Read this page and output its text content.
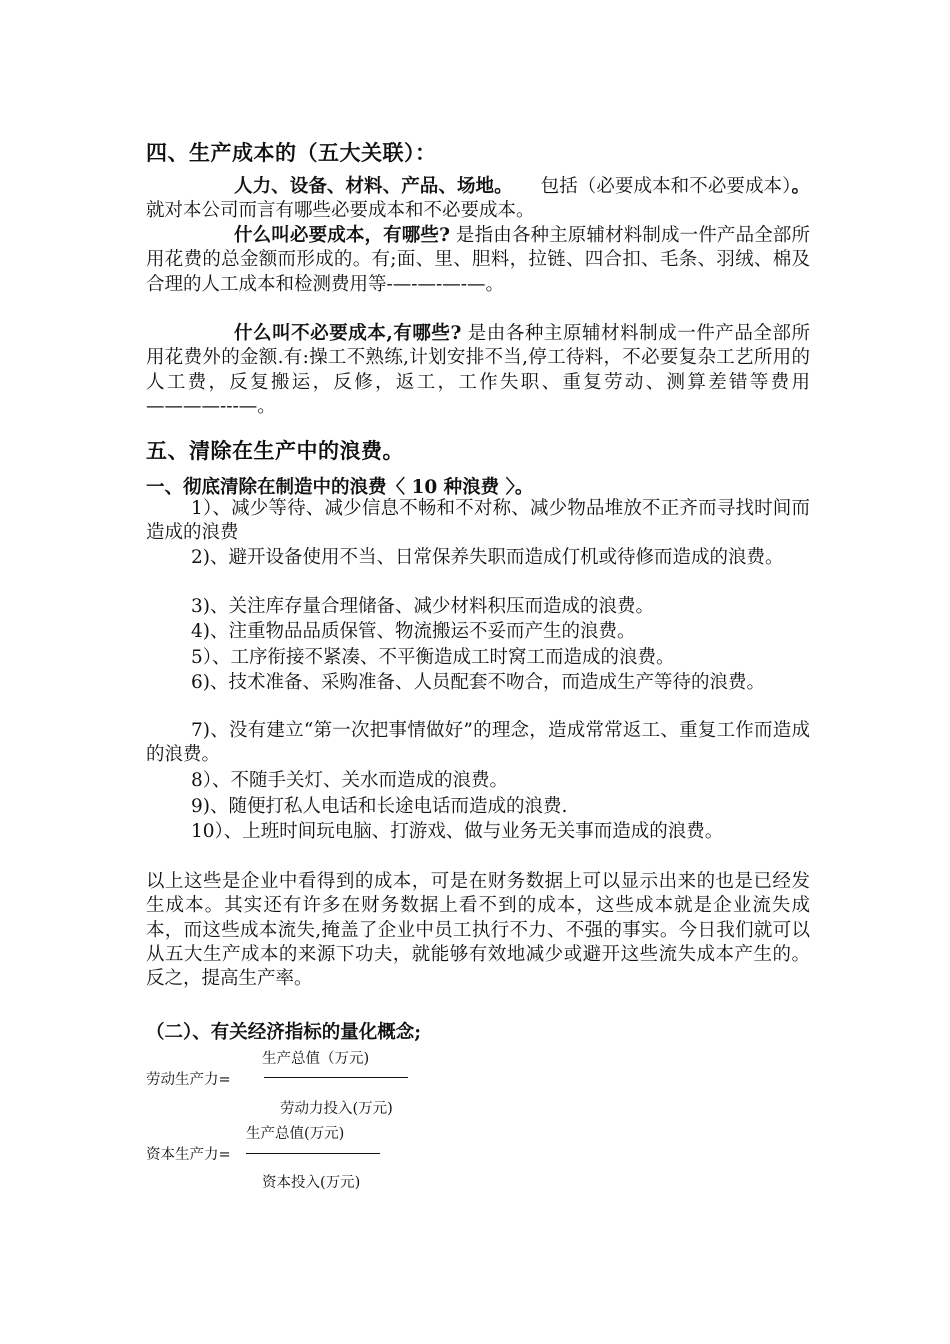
四、生产成本的（五大关联）：
人力、设备、材料、产品、场地。　　 包括（必要成本和不必要成本）。就对本公司而言有哪些必要成本和不必要成本。
什么叫必要成本，有哪些? 是指由各种主原辅材料制成一件产品全部所用花费的总金额而形成的。有;面、里、胆料，拉链、四合扣、毛条、羽绒、棉及合理的人工成本和检测费用等-—-—-—-—。
什么叫不必要成本,有哪些? 是由各种主原辅材料制成一件产品全部所用花费外的金额.有:操工不熟练,计划安排不当,停工待料，不必要复杂工艺所用的人工费，反复搬运，反修，返工，工作失职、重复劳动、测算差错等费用————---—。
五、清除在生产中的浪费。
一、彻底清除在制造中的浪费〈 10 种浪费 〉。
1）、减少等待、减少信息不畅和不对称、减少物品堆放不正齐而寻找时间而造成的浪费
2)、避开设备使用不当、日常保养失职而造成仃机或待修而造成的浪费。
3)、关注库存量合理储备、减少材料积压而造成的浪费。
4)、注重物品品质保管、物流搬运不妥而产生的浪费。
5）、工序衔接不紧凑、不平衡造成工时窝工而造成的浪费。
6)、技术准备、采购准备、人员配套不吻合，而造成生产等待的浪费。
7)、没有建立“第一次把事情做好”的理念，造成常常返工、重复工作而造成的浪费。
8）、不随手关灯、关水而造成的浪费。
9)、随便打私人电话和长途电话而造成的浪费.
10）、上班时间玩电脑、打游戏、做与业务无关事而造成的浪费。
以上这些是企业中看得到的成本，可是在财务数据上可以显示出来的也是已经发生成本。其实还有许多在财务数据上看不到的成本，这些成本就是企业流失成本，而这些成本流失,掩盖了企业中员工执行不力、不强的事实。今日我们就可以从五大生产成本的来源下功夫，就能够有效地减少或避开这些流失成本产生的。反之，提高生产率。
（二）、有关经济指标的量化概念;
生产总值（万元)
劳动生产力=
劳动力投入(万元)
生产总值(万元)
资本生产力=
资本投入(万元)
